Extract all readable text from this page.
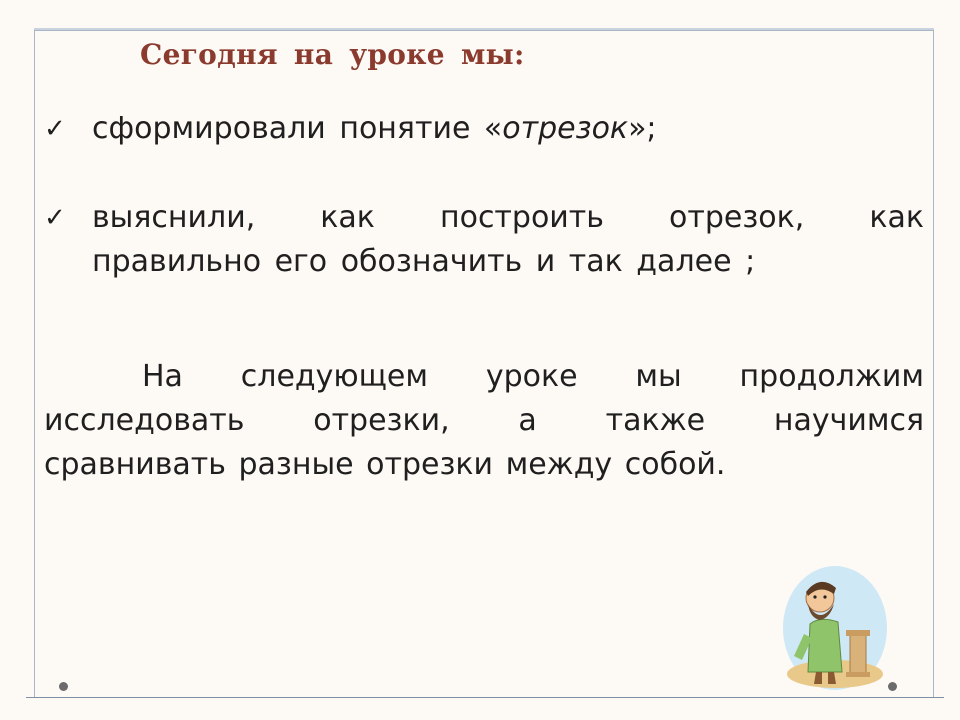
Сегодня на уроке мы:
✓ сформировали понятие «отрезок»;
✓ выяснили, как построить отрезок, как
правильно его обозначить и так далее ;
На следующем уроке мы продолжим
исследовать отрезки, а также научимся
сравнивать разные отрезки между собой.
